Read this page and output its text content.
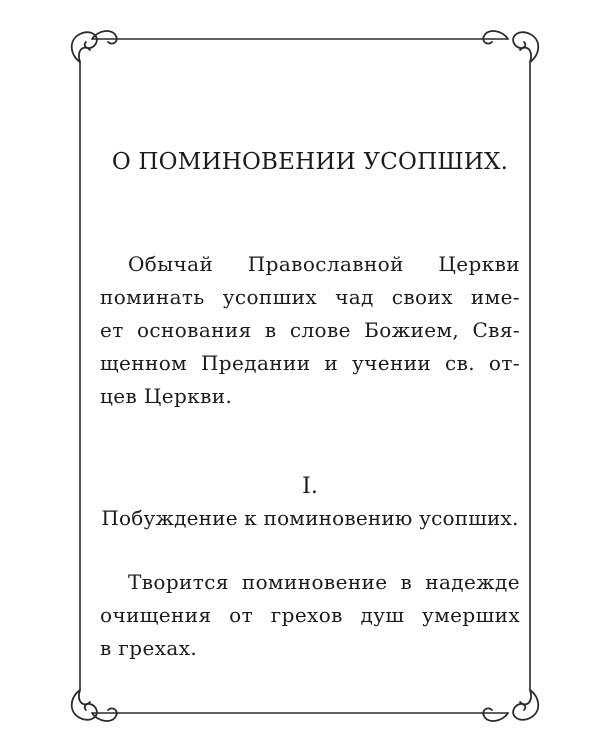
О ПОМИНОВЕНИИ УСОПШИХ.
Обычай Православной Церкви
поминать усопших чад своих име-
ет основания в слове Божием, Свя-
щенном Предании и учении св. от-
цев Церкви.
I.
Побуждение к поминовению усопших.
Творится поминовение в надежде
очищения от грехов душ умерших
в грехах.
